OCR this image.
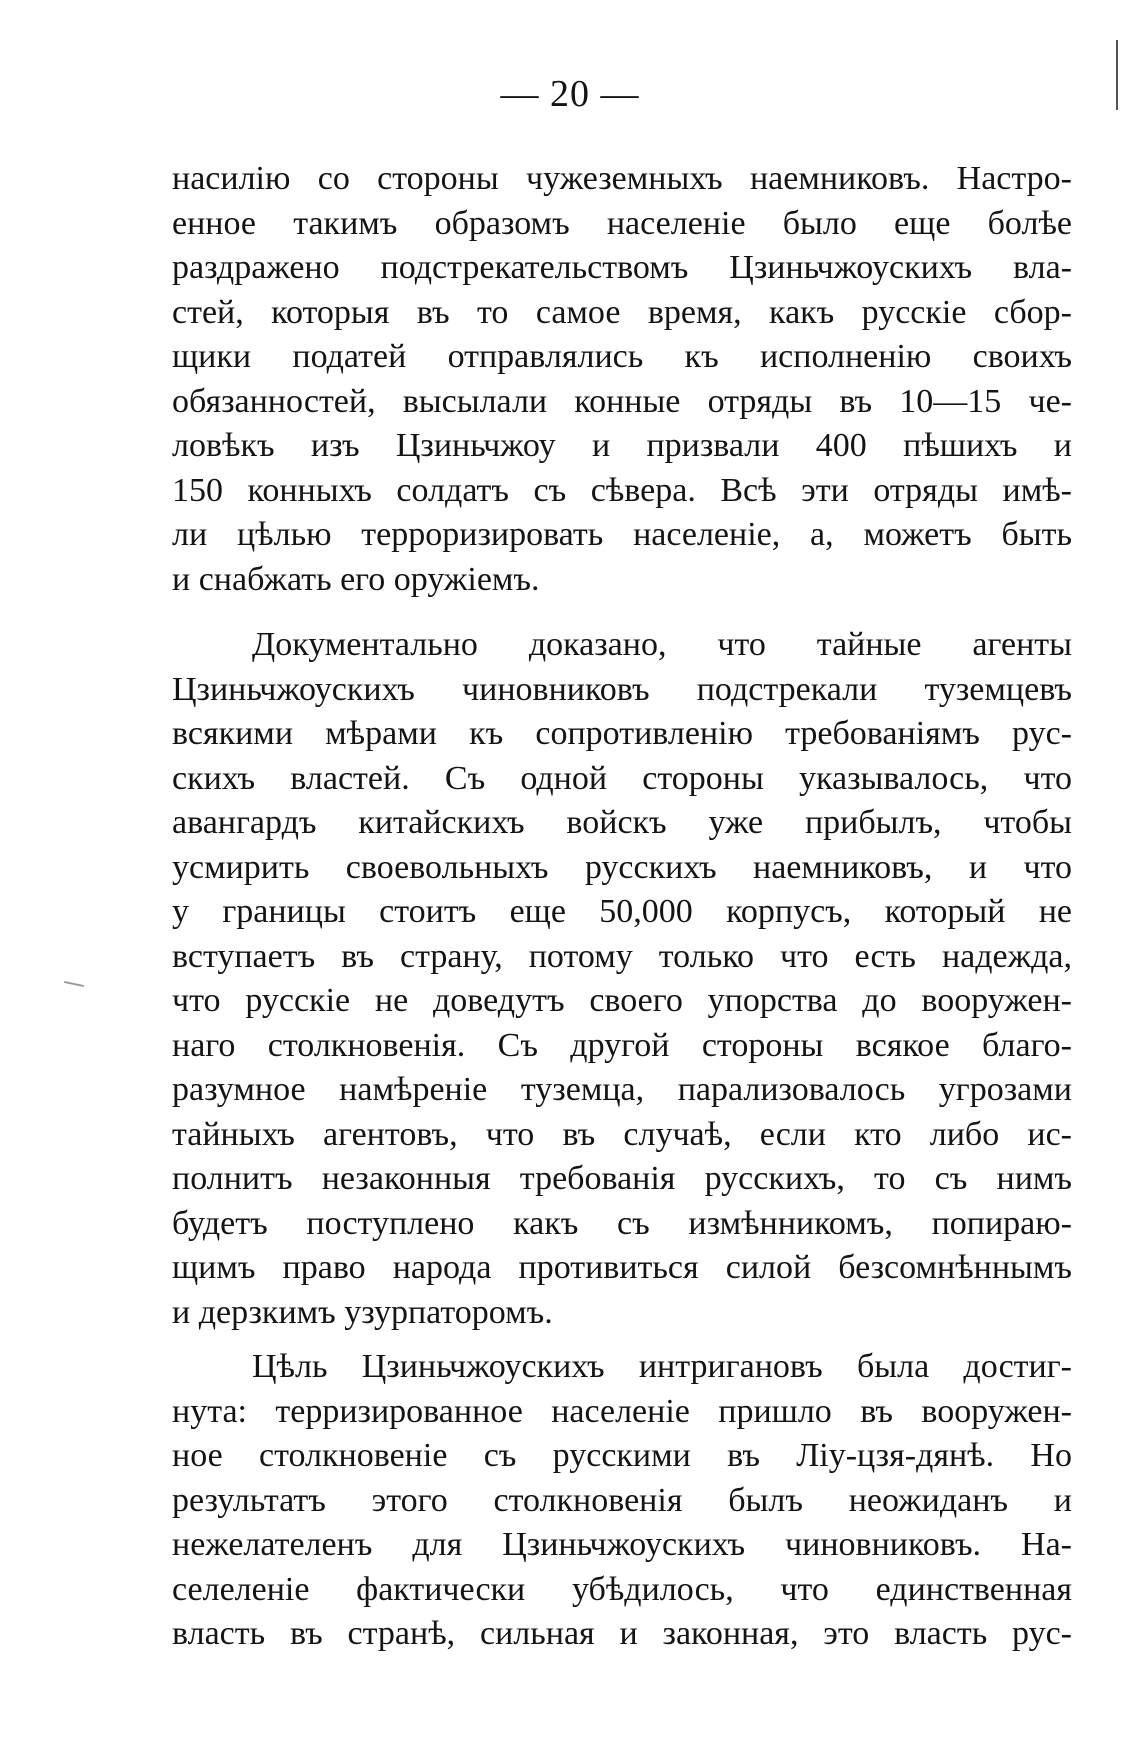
— 20 —

насилію со стороны чужеземныхъ наемниковъ. Настро-
енное такимъ образомъ населеніе было еще болѣе
раздражено подстрекательствомъ Цзиньчжоускихъ вла-
стей, которыя въ то самое время, какъ русскіе сбор-
щики податей отправлялись къ исполненію своихъ
обязанностей, высылали конные отряды въ 10—15 че-
ловѣкъ изъ Цзиньчжоу и призвали 400 пѣшихъ и
150 конныхъ солдатъ съ сѣвера. Всѣ эти отряды имѣ-
ли цѣлью терроризировать населеніе, а, можетъ быть
и снабжать его оружіемъ.

Документально доказано, что тайные агенты
Цзиньчжоускихъ чиновниковъ подстрекали туземцевъ
всякими мѣрами къ сопротивленію требованіямъ рус-
скихъ властей. Съ одной стороны указывалось, что
авангардъ китайскихъ войскъ уже прибылъ, чтобы
усмирить своевольныхъ русскихъ наемниковъ, и что
у границы стоитъ еще 50,000 корпусъ, который не
вступаетъ въ страну, потому только что есть надежда,
что русскіе не доведутъ своего упорства до вооружен-
наго столкновенія. Съ другой стороны всякое благо-
разумное намѣреніе туземца, парализовалось угрозами
тайныхъ агентовъ, что въ случаѣ, если кто либо ис-
полнитъ незаконныя требованія русскихъ, то съ нимъ
будетъ поступлено какъ съ измѣнникомъ, попираю-
щимъ право народа противиться силой безсомнѣннымъ
и дерзкимъ узурпаторомъ.

Цѣль Цзиньчжоускихъ интригановъ была достиг-
нута: терризированное населеніе пришло въ вооружен-
ное столкновеніе съ русскими въ Ліу-цзя-дянѣ. Но
результатъ этого столкновенія былъ неожиданъ и
нежелателенъ для Цзиньчжоускихъ чиновниковъ. На-
селеленіе фактически убѣдилось, что единственная
власть въ странѣ, сильная и законная, это власть рус-
